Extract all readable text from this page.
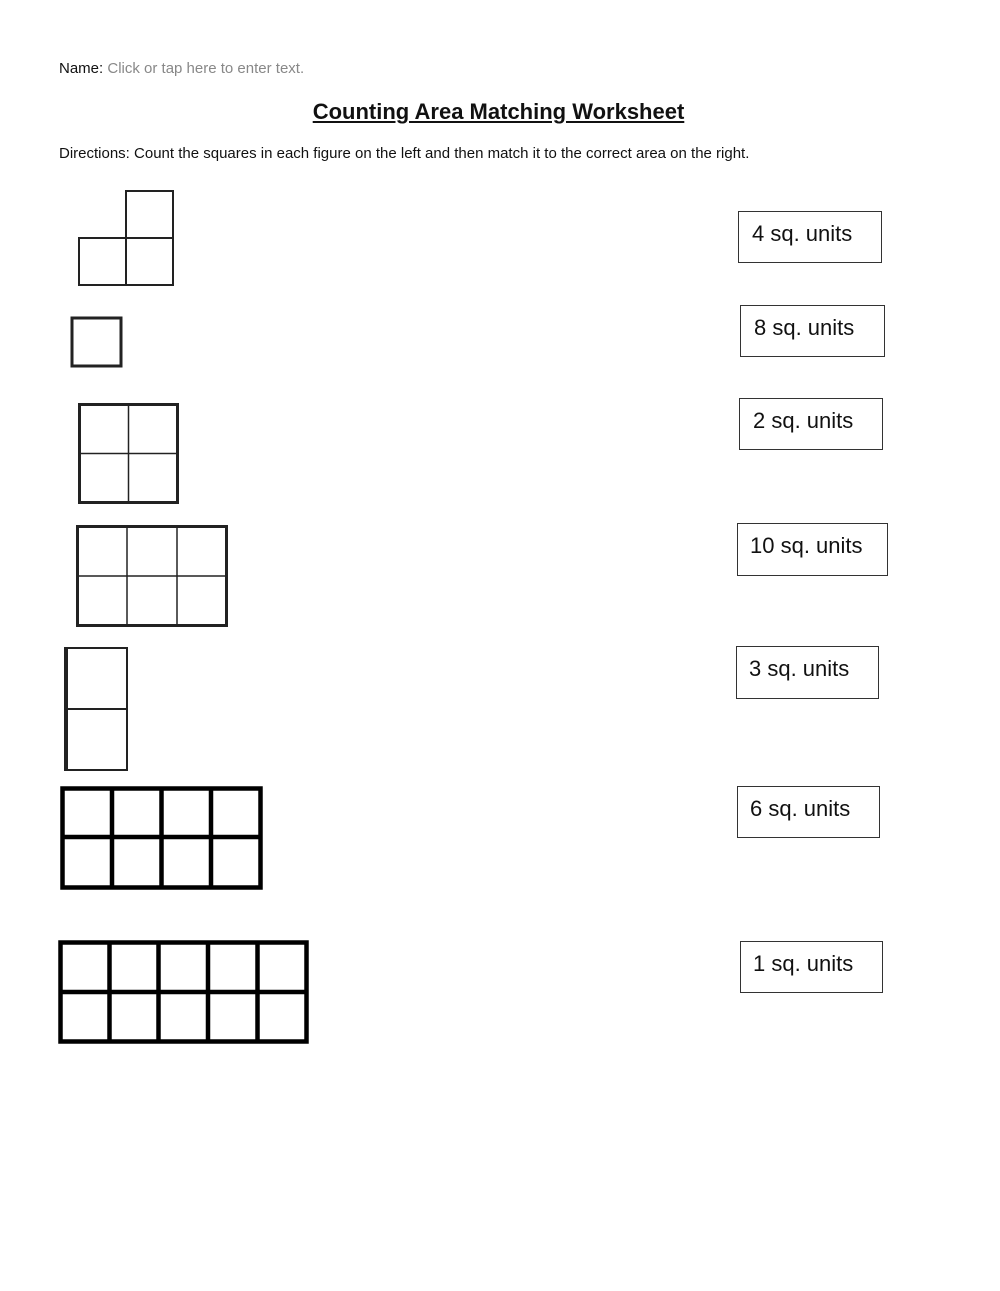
Name: Click or tap here to enter text.
Counting Area Matching Worksheet
Directions: Count the squares in each figure on the left and then match it to the correct area on the right.
4 sq. units
8 sq. units
2 sq. units
10 sq. units
3 sq. units
6 sq. units
1 sq. units
